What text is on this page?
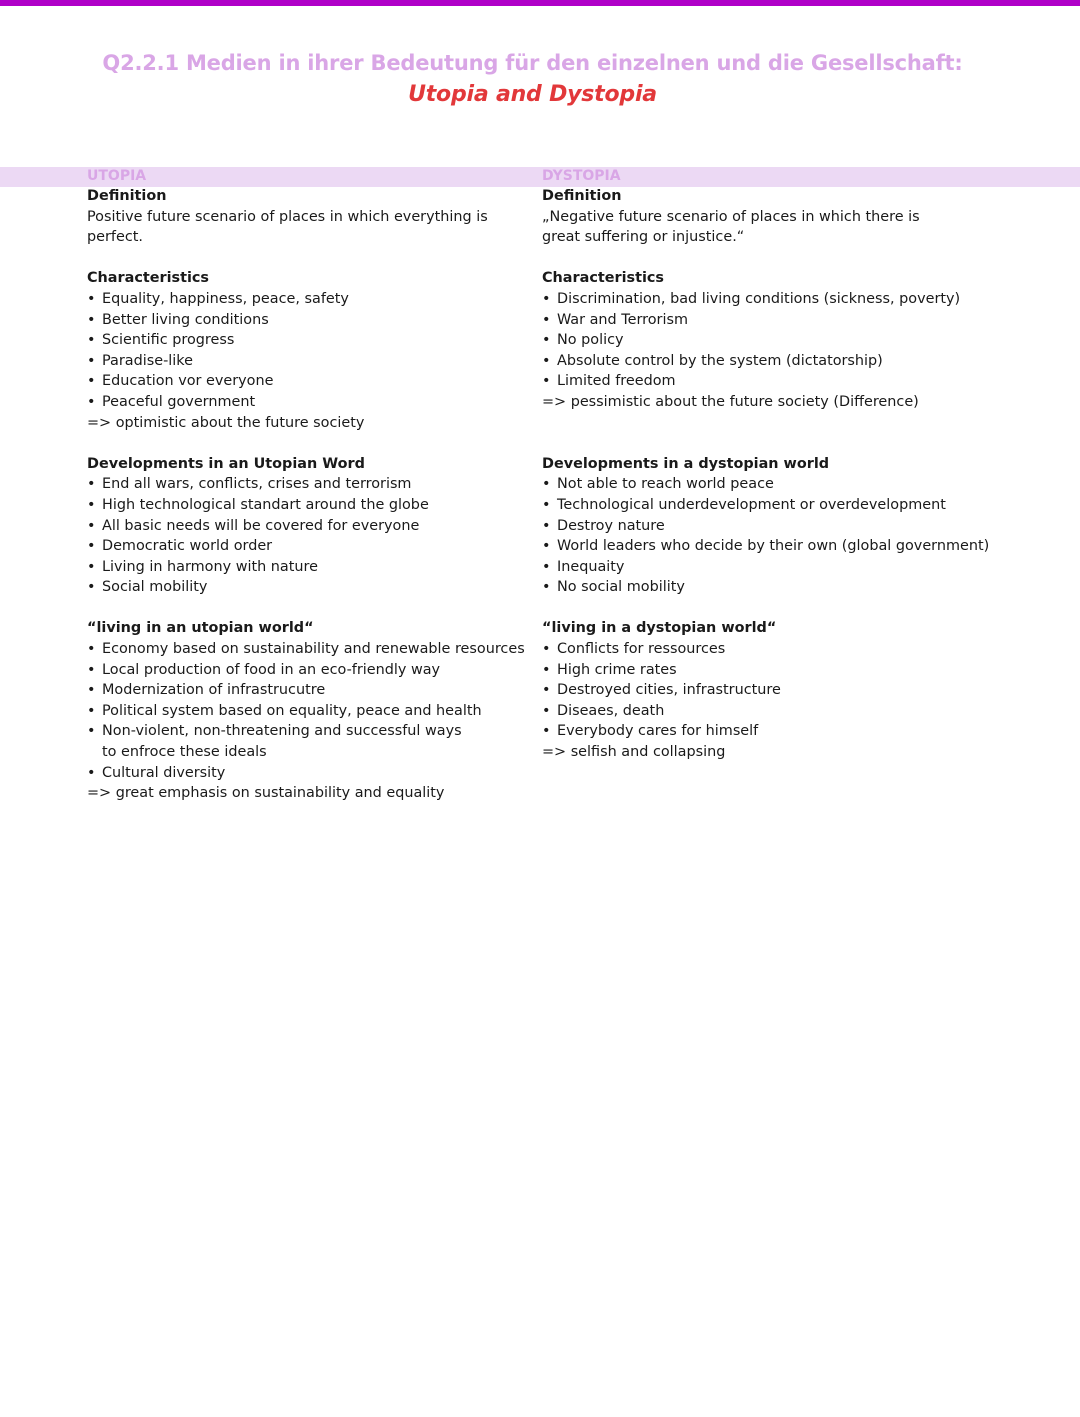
Q2.2.1 Medien in ihrer Bedeutung für den einzelnen und die Gesellschaft:
Utopia and Dystopia
UTOPIA
Definition

Positive future scenario of places in which everything is perfect.

Characteristics
• Equality, happiness, peace, safety
• Better living conditions
• Scientific progress
• Paradise-like
• Education vor everyone
• Peaceful government

=> optimistic about the future society

Developments in an Utopian Word
• End all wars, conflicts, crises and terrorism
• High technological standart around the globe
• All basic needs will be covered for everyone
• Democratic world order
• Living in harmony with nature
• Social mobility
“living in an utopian world“
• Economy based on sustainability and renewable resources
• Local production of food in an eco-friendly way
• Modernization of infrastrucutre
• Political system based on equality, peace and health
• Non-violent, non-threatening and successful ways to enfroce these ideals
• Cultural diversity

=> great emphasis on sustainability and equality

DYSTOPIA
Definition

„Negative future scenario of places in which there is great suffering or injustice.“

Characteristics
• Discrimination, bad living conditions (sickness, poverty)
• War and Terrorism
• No policy
• Absolute control by the system (dictatorship)
• Limited freedom

=> pessimistic about the future society (Difference)

Developments in a dystopian world
• Not able to reach world peace
• Technological underdevelopment or overdevelopment
• Destroy nature
• World leaders who decide by their own (global government)
• Inequaity
• No social mobility
“living in a dystopian world“
• Conflicts for ressources
• High crime rates
• Destroyed cities, infrastructure
• Diseaes, death
• Everybody cares for himself

=> selfish and collapsing
